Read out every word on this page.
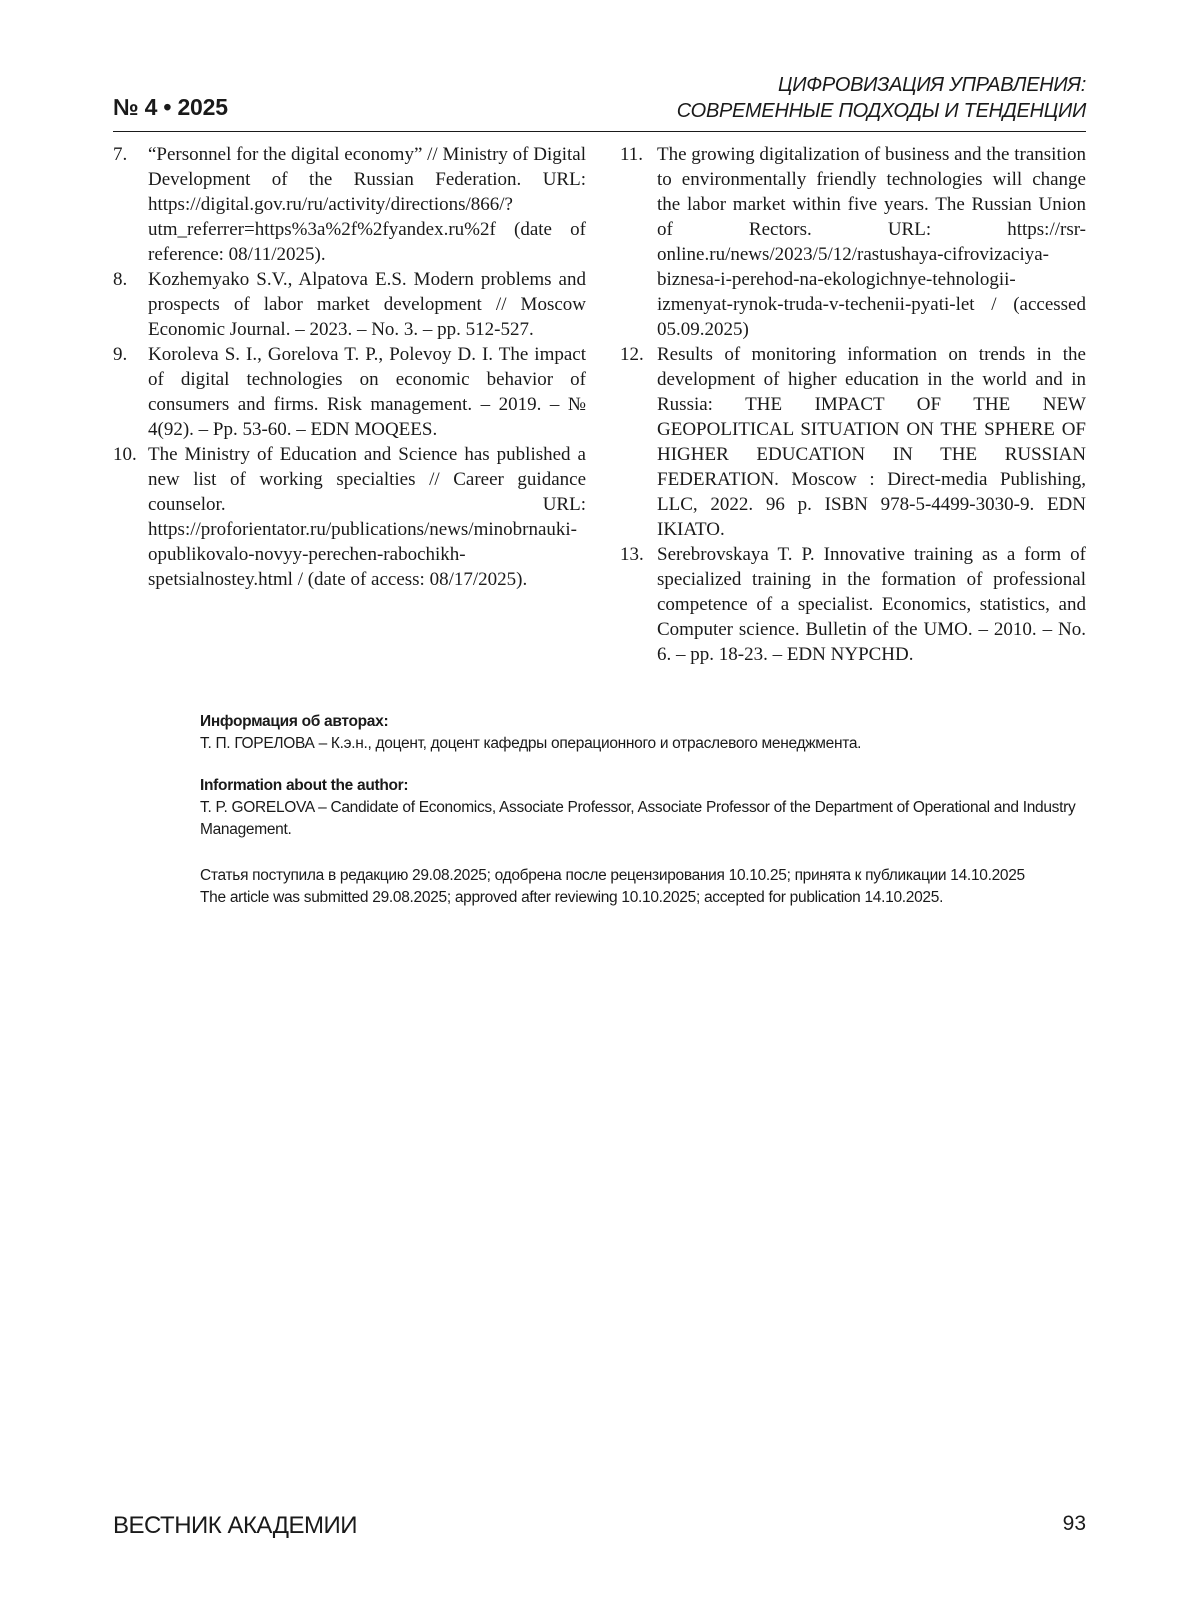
№ 4 • 2025
ЦИФРОВИЗАЦИЯ УПРАВЛЕНИЯ:
СОВРЕМЕННЫЕ ПОДХОДЫ И ТЕНДЕНЦИИ
7.	“Personnel for the digital economy” // Ministry of Digital Development of the Russian Federation. URL: https://digital.gov.ru/ru/activity/directions/866/?utm_referrer=https%3a%2f%2fyandex.ru%2f (date of reference: 08/11/2025).
8.	Kozhemyako S.V., Alpatova E.S. Modern problems and prospects of labor market development // Moscow Economic Journal. – 2023. – No. 3. – pp. 512-527.
9.	Koroleva S. I., Gorelova T. P., Polevoy D. I. The impact of digital technologies on economic behavior of consumers and firms. Risk management. – 2019. – № 4(92). – Pp. 53-60. – EDN MOQEES.
10. The Ministry of Education and Science has published a new list of working specialties // Career guidance counselor. URL: https://proforientator.ru/publications/news/minobrnauki-opublikovalo-novyy-perechen-rabochikh-spetsialnostey.html / (date of access: 08/17/2025).
11. The growing digitalization of business and the transition to environmentally friendly technologies will change the labor market within five years. The Russian Union of Rectors. URL: https://rsr-online.ru/news/2023/5/12/rastushaya-cifrovizaciya-biznesa-i-perehod-na-ekologichnye-tehnologii-izmenyat-rynok-truda-v-techenii-pyati-let / (accessed 05.09.2025)
12. Results of monitoring information on trends in the development of higher education in the world and in Russia: THE IMPACT OF THE NEW GEOPOLITICAL SITUATION ON THE SPHERE OF HIGHER EDUCATION IN THE RUSSIAN FEDERATION. Moscow : Direct-media Publishing, LLC, 2022. 96 p. ISBN 978-5-4499-3030-9. EDN IKIATO.
13. Serebrovskaya T. P. Innovative training as a form of specialized training in the formation of professional competence of a specialist. Economics, statistics, and Computer science. Bulletin of the UMO. – 2010. – No. 6. – pp. 18-23. – EDN NYPCHD.
Информация об авторах:
Т. П. ГОРЕЛОВА – К.э.н., доцент, доцент кафедры операционного и отраслевого менеджмента.
Information about the author:
T. P. GORELOVA – Candidate of Economics, Associate Professor, Associate Professor of the Department of Operational and Industry Management.
Статья поступила в редакцию 29.08.2025; одобрена после рецензирования 10.10.25; принята к публикации 14.10.2025
The article was submitted 29.08.2025; approved after reviewing 10.10.2025; accepted for publication 14.10.2025.
ВЕСТНИК АКАДЕМИИ	93
